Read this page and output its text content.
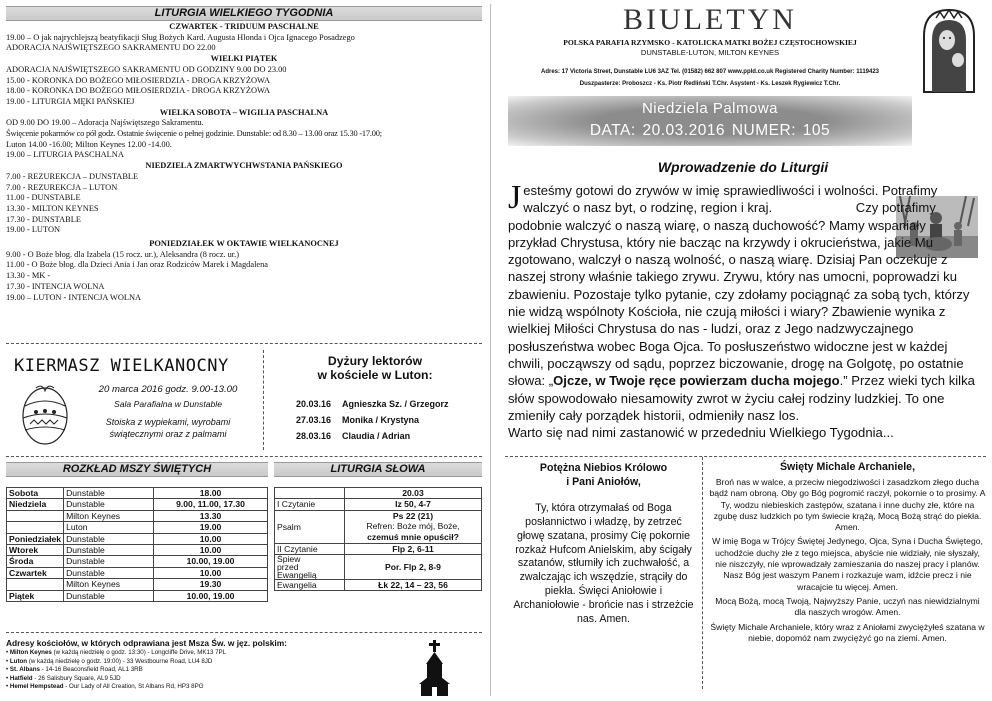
LITURGIA WIELKIEGO TYGODNIA
CZWARTEK - TRIDUUM PASCHALNE
19.00 – O jak najrychlejszą beatyfikacji Sług Bożych Kard. Augusta Hlonda i Ojca Ignacego Posadzego
ADORACJA NAJŚWIĘTSZEGO SAKRAMENTU DO 22.00
WIELKI PIĄTEK
ADORACJA NAJŚWIĘTSZEGO SAKRAMENTU OD GODZINY 9.00 DO 23.00
15.00 - KORONKA DO BOŻEGO MIŁOSIERDZIA - DROGA KRZYŻOWA
18.00 - KORONKA DO BOŻEGO MIŁOSIERDZIA - DROGA KRZYŻOWA
19.00 - LITURGIA MĘKI PAŃSKIEJ
WIELKA SOBOTA – WIGILIA PASCHALNA
OD 9.00 DO 19.00 – Adoracja Najświętszego Sakramentu.
Święcenie pokarmów co pół godz. Ostatnie święcenie o pełnej godzinie. Dunstable: od 8.30 – 13.00 oraz 15.30 -17.00;
Luton 14.00 -16.00; Milton Keynes 12.00 -14.00.
19.00 – LITURGIA PASCHALNA
NIEDZIELA ZMARTWYCHWSTANIA PAŃSKIEGO
7.00 - REZUREKCJA – DUNSTABLE
7.00 - REZUREKCJA – LUTON
11.00 - DUNSTABLE
13.30 - MILTON KEYNES
17.30 - DUNSTABLE
19.00 - LUTON
PONIEDZIAŁEK W OKTAWIE WIELKANOCNEJ
9.00 - O Boże błog. dla Izabela (15 rocz. ur.), Aleksandra (8 rocz. ur.)
11.00 - O Boże błog. dla Dzieci Ania i Jan oraz Rodziców Marek i Magdalena
13.30 - MK -
17.30 - INTENCJA WOLNA
19.00 – LUTON - INTENCJA WOLNA
KIERMASZ WIELKANOCNY
20 marca 2016 godz. 9.00-13.00
Sala Parafialna w Dunstable
Stoiska z wypiekami, wyrobami
świątecznymi oraz z palmami
Dyżury lektorów
w kościele w Luton:
20.03.16 Agnieszka Sz. / Grzegorz
27.03.16 Monika / Krystyna
28.03.16 Claudia / Adrian
ROZKŁAD MSZY ŚWIĘTYCH
Sobota	Dunstable	18.00
Niedziela	Dunstable	9.00, 11.00, 17.30
	Milton Keynes	13.30
	Luton	19.00
Poniedziałek	Dunstable	10.00
Wtorek	Dunstable	10.00
Środa	Dunstable	10.00, 19.00
Czwartek	Dunstable	10.00
	Milton Keynes	19.30
Piątek	Dunstable	10.00, 19.00
LITURGIA SŁOWA
	20.03
I Czytanie	Iz 50, 4-7
Psalm	Ps 22 (21)
Refren: Boże mój, Boże,
czemuś mnie opuścił?

II Czytanie	Flp 2, 6-11

Śpiew
przed
Ewangelią	Por. Flp 2, 8-9
Ewangelia	Łk 22, 14 – 23, 56
Adresy kościołów, w których odprawiana jest Msza Św. w jęz. polskim:
• Milton Keynes (w każdą niedzielę o godz. 13:30) - Longcliffe Drive, MK13 7PL
• Luton (w każdą niedzielę o godz. 19:00) - 33 Westbourne Road, LU4 8JD
• St. Albans - 14-16 Beaconsfield Road, AL1 3RB
• Hatfield - 26 Salisbury Square, AL9 5JD
• Hemel Hempstead - Our Lady of All Creation, St Albans Rd, HP3 8PG
BIULETYN
POLSKA PARAFIA RZYMSKO - KATOLICKA MATKI BOŻEJ CZĘSTOCHOWSKIEJ
DUNSTABLE-LUTON, MILTON KEYNES
Adres: 17 Victoria Street, Dunstable LU6 3AZ Tel. (01582) 662 807 www.ppld.co.uk Registered Charity Number: 1119423
Duszpasterze: Proboszcz - Ks. Piotr Redliński T.Chr. Asystent - Ks. Leszek Rygiewicz T.Chr.
Niedziela Palmowa
DATA: 20.03.2016 NUMER: 105
Wprowadzenie do Liturgii
Jesteśmy gotowi do zrywów w imię sprawiedliwości i wolności. Potrafimy walczyć o nasz byt, o rodzinę, region i kraj.	Czy potrafimy podobnie walczyć o naszą wiarę, o naszą duchowość? Mamy wspaniały przykład Chrystusa, który nie bacząc na krzywdy i okrucieństwa, jakie Mu zgotowano, walczył o naszą wolność, o naszą wiarę. Dzisiaj Pan oczekuje z naszej strony właśnie takiego zrywu. Zrywu, który nas umocni, poprowadzi ku zbawieniu. Pozostaje tylko pytanie, czy zdołamy pociągnąć za sobą tych, którzy nie widzą wspólnoty Kościoła, nie czują miłości i wiary? Zbawienie wynika z wielkiej Miłości Chrystusa do nas - ludzi, oraz z Jego nadzwyczajnego posłuszeństwa wobec Boga Ojca. To posłuszeństwo widoczne jest w każdej chwili, począwszy od sądu, poprzez biczowanie, drogę na Golgotę, po ostatnie słowa: „Ojcze, w Twoje ręce powierzam ducha mojego.” Przez wieki tych kilka słów spowodowało niesamowity zwrot w życiu całej rodziny ludzkiej. To one zmieniły cały porządek historii, odmieniły nasz los.
Warto się nad nimi zastanowić w przededniu Wielkiego Tygodnia...
Potężna Niebios Królowo
i Pani Aniołów,
Ty, która otrzymałaś od Boga posłannictwo i władzę, by zetrzeć głowę szatana, prosimy Cię pokornie rozkaż Hufcom Anielskim, aby ścigały szatanów, stłumiły ich zuchwałość, a zwalczając ich wszędzie, strąciły do piekła. Święci Aniołowie i Archaniołowie - brońcie nas i strzeżcie nas. Amen.
Święty Michale Archaniele,

Broń nas w walce, a przeciw niegodziwości i zasadzkom złego ducha bądź nam obroną. Oby go Bóg pogromić raczył, pokornie o to prosimy. A Ty, wodzu niebieskich zastępów, szatana i inne duchy złe, które na zgubę dusz ludzkich po tym świecie krążą, Mocą Bożą strąć do piekła. Amen.

W imię Boga w Trójcy Świętej Jedynego, Ojca, Syna i Ducha Świętego, uchodźcie duchy złe z tego miejsca, abyście nie widziały, nie słyszały, nie niszczyły, nie wprowadzały zamieszania do naszej pracy i planów. Nasz Bóg jest waszym Panem i rozkazuje wam, idźcie precz i nie wracajcie tu więcej. Amen.

Mocą Bożą, mocą Twoją, Najwyższy Panie, uczyń nas niewidzialnymi dla naszych wrogów. Amen.

Święty Michale Archaniele, który wraz z Aniołami zwyciężyłeś szatana w niebie, dopomóż nam zwyciężyć go na ziemi. Amen.
